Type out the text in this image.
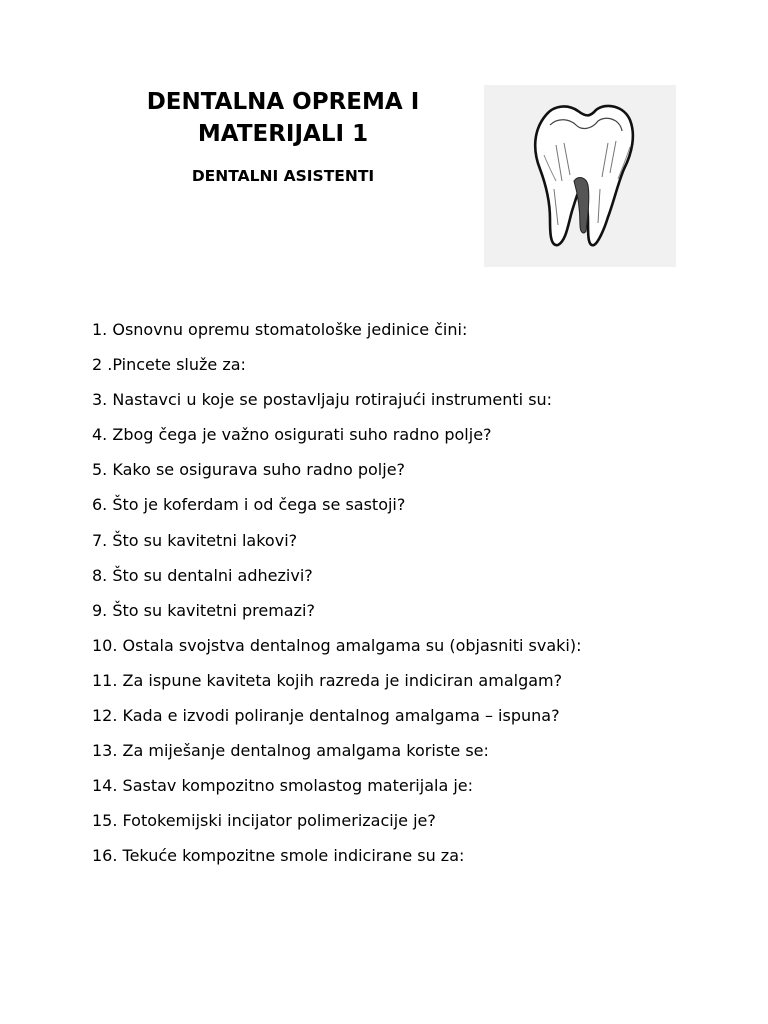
DENTALNA OPREMA I MATERIJALI 1

DENTALNI ASISTENTI

1. Osnovnu opremu stomatološke jedinice čini:
2 .Pincete služe za:
3. Nastavci u koje se postavljaju rotirajući instrumenti su:
4. Zbog čega je važno osigurati suho radno polje?
5. Kako se osigurava suho radno polje?
6. Što je koferdam i od čega se sastoji?
7. Što su kavitetni lakovi?
8. Što su dentalni adhezivi?
9. Što su kavitetni premazi?
10. Ostala svojstva dentalnog amalgama su (objasniti svaki):
11. Za ispune kaviteta kojih razreda je indiciran amalgam?
12. Kada e izvodi poliranje dentalnog amalgama – ispuna?
13. Za miješanje dentalnog amalgama koriste se:
14. Sastav kompozitno smolastog materijala je:
15. Fotokemijski incijator polimerizacije je?
16. Tekuće kompozitne smole indicirane su za:
